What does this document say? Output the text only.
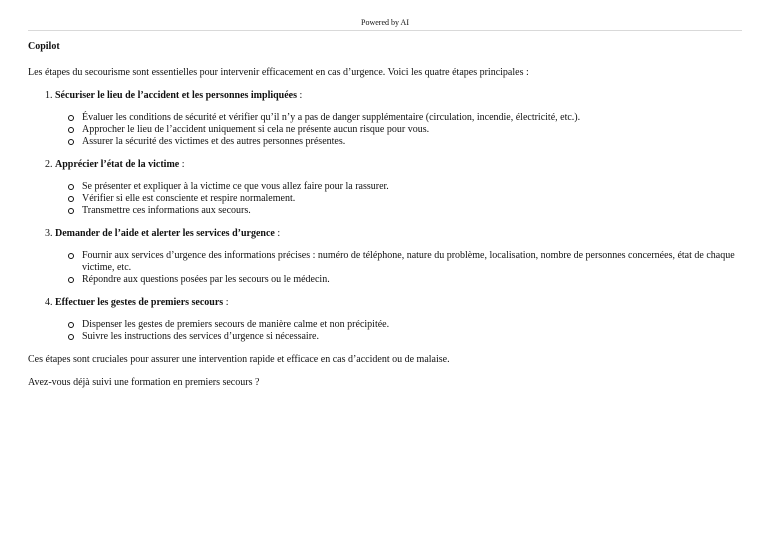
Powered by AI

Copilot

Les étapes du secourisme sont essentielles pour intervenir efficacement en cas d’urgence. Voici les quatre étapes principales :

1. Sécuriser le lieu de l’accident et les personnes impliquées :
Évaluer les conditions de sécurité et vérifier qu’il n’y a pas de danger supplémentaire (circulation, incendie, électricité, etc.).
Approcher le lieu de l’accident uniquement si cela ne présente aucun risque pour vous.
Assurer la sécurité des victimes et des autres personnes présentes.
2. Apprécier l’état de la victime :
Se présenter et expliquer à la victime ce que vous allez faire pour la rassurer.
Vérifier si elle est consciente et respire normalement.
Transmettre ces informations aux secours.
3. Demander de l’aide et alerter les services d’urgence :
Fournir aux services d’urgence des informations précises : numéro de téléphone, nature du problème, localisation, nombre de personnes concernées, état de chaque victime, etc.
Répondre aux questions posées par les secours ou le médecin.
4. Effectuer les gestes de premiers secours :
Dispenser les gestes de premiers secours de manière calme et non précipitée.
Suivre les instructions des services d’urgence si nécessaire.

Ces étapes sont cruciales pour assurer une intervention rapide et efficace en cas d’accident ou de malaise.

Avez-vous déjà suivi une formation en premiers secours ?
